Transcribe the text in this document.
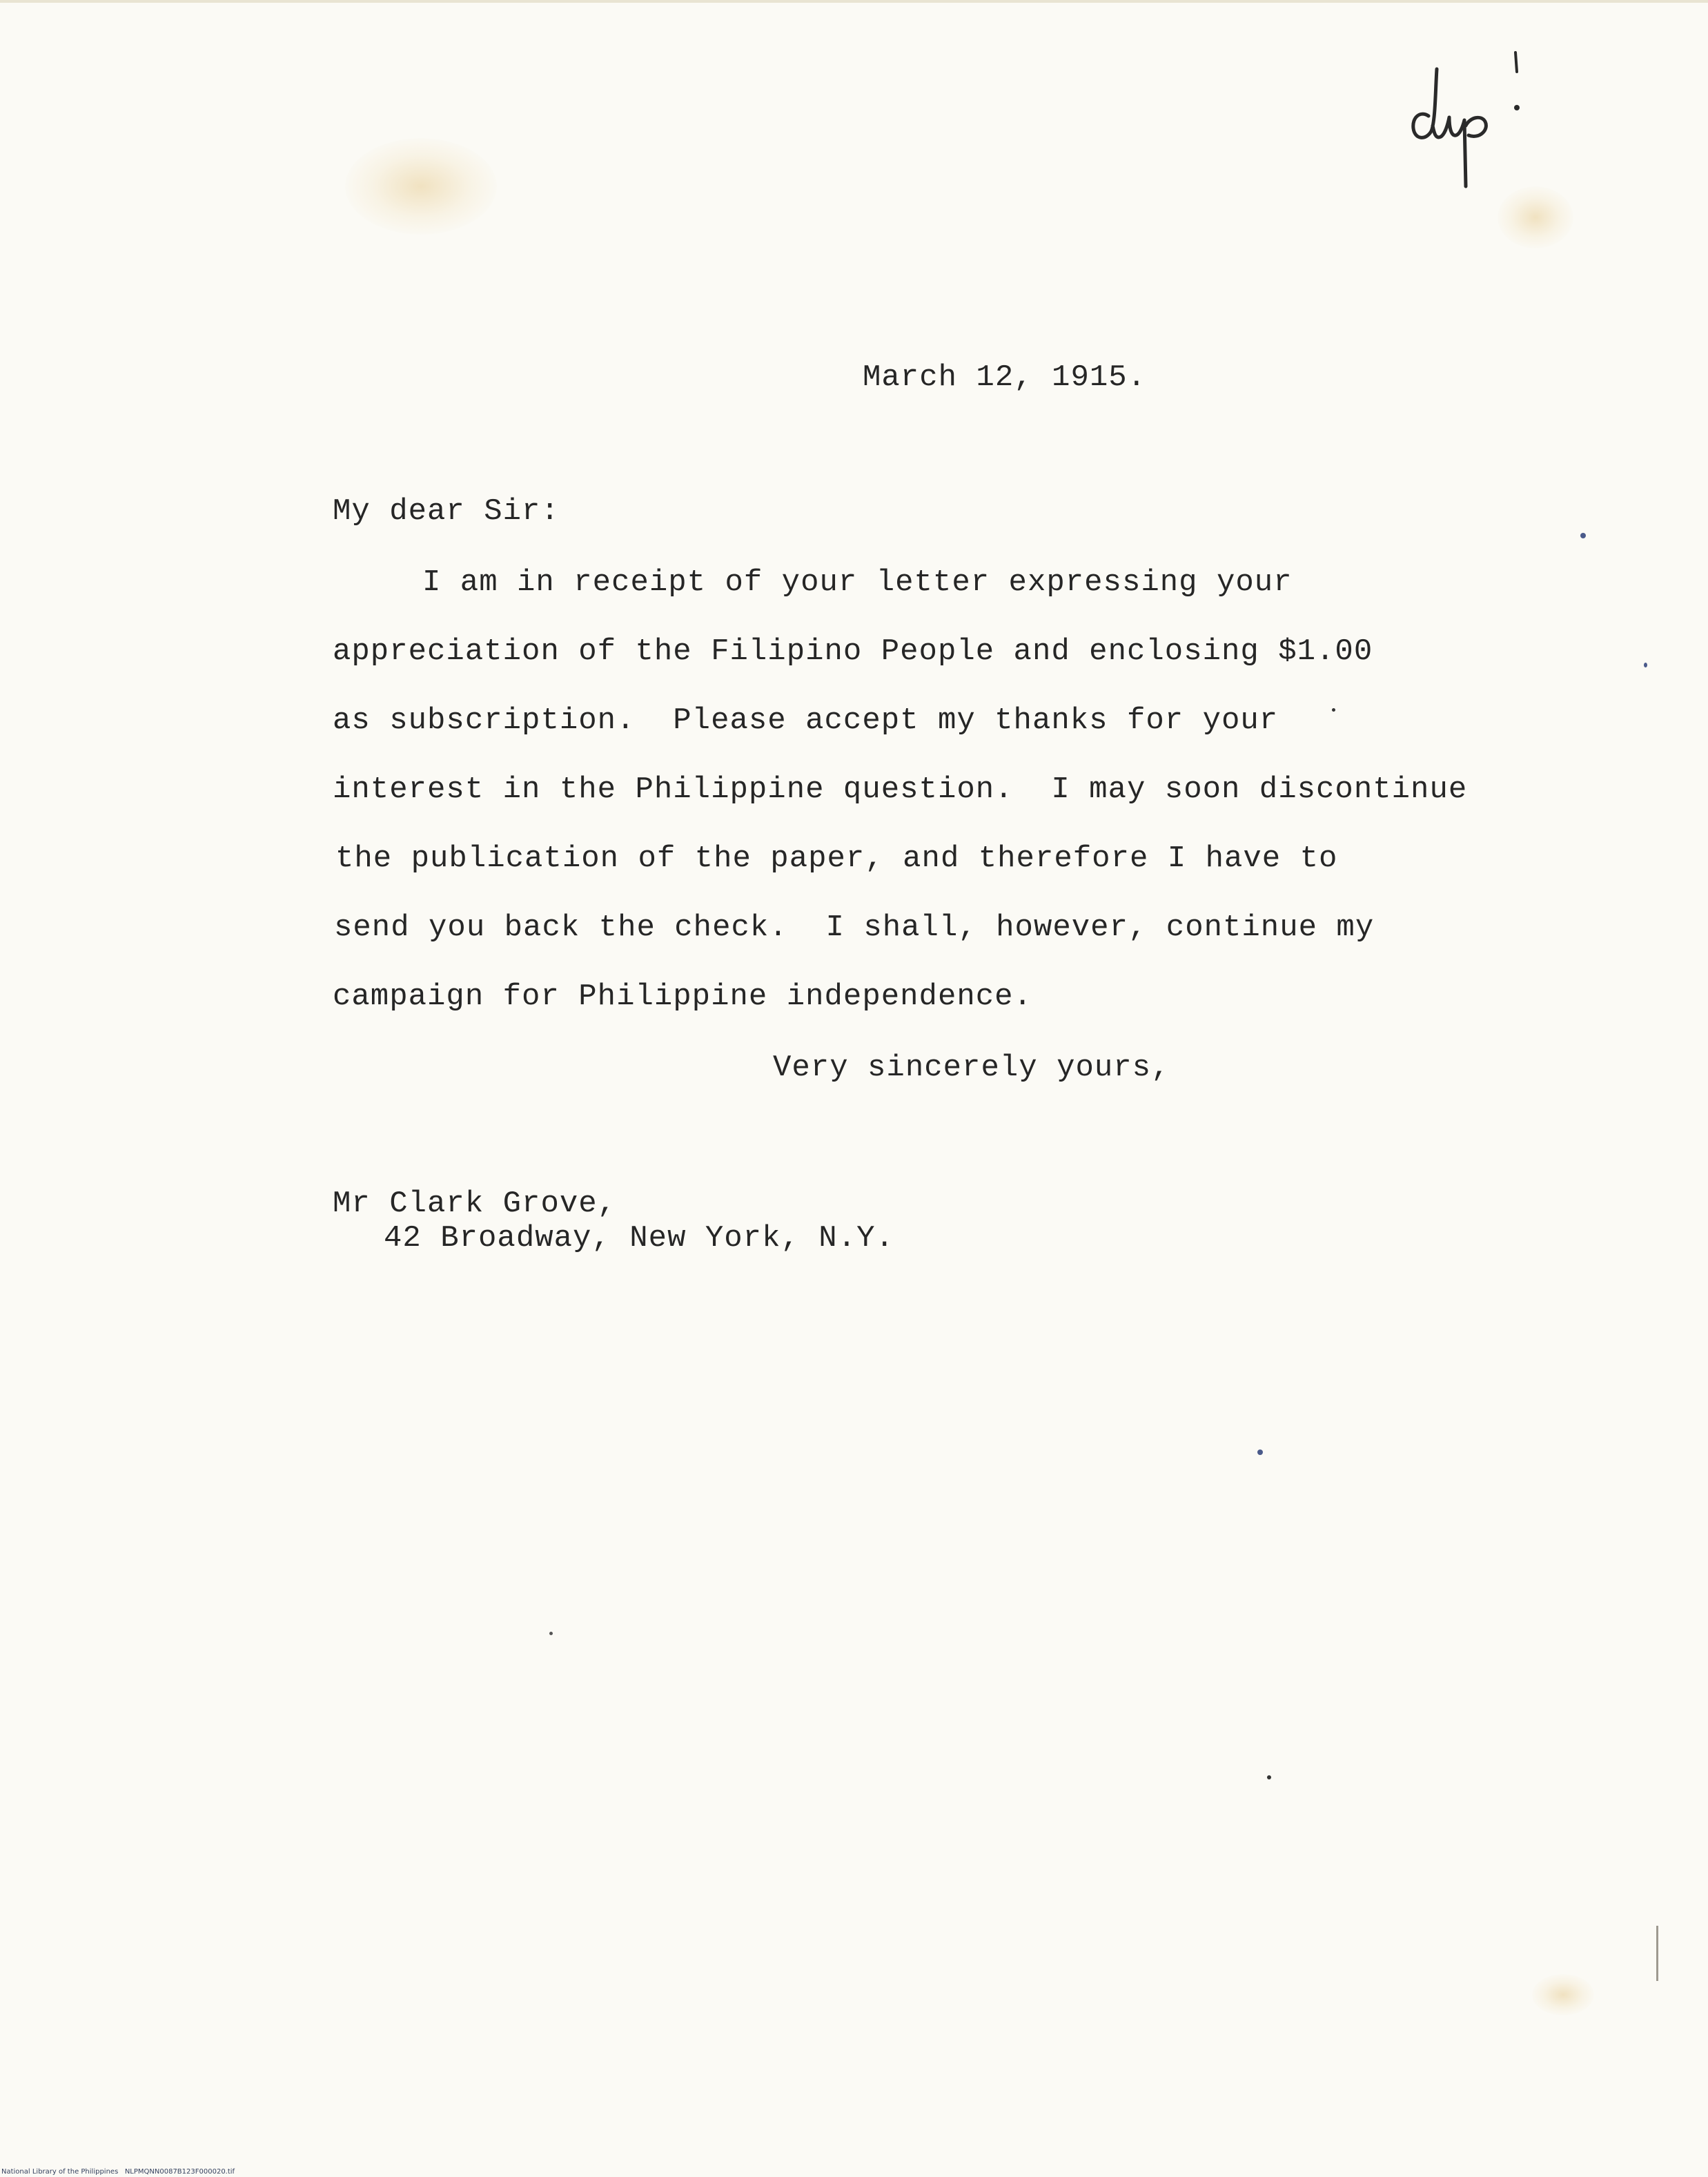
March 12, 1915.
My dear Sir:
I am in receipt of your letter expressing your
appreciation of the Filipino People and enclosing $1.00
as subscription.  Please accept my thanks for your
interest in the Philippine question.  I may soon discontinue
the publication of the paper, and therefore I have to
send you back the check.  I shall, however, continue my
campaign for Philippine independence.
Very sincerely yours,
Mr Clark Grove,
42 Broadway, New York, N.Y.
National Library of the Philippines   NLPMQNN0087B123F000020.tif
